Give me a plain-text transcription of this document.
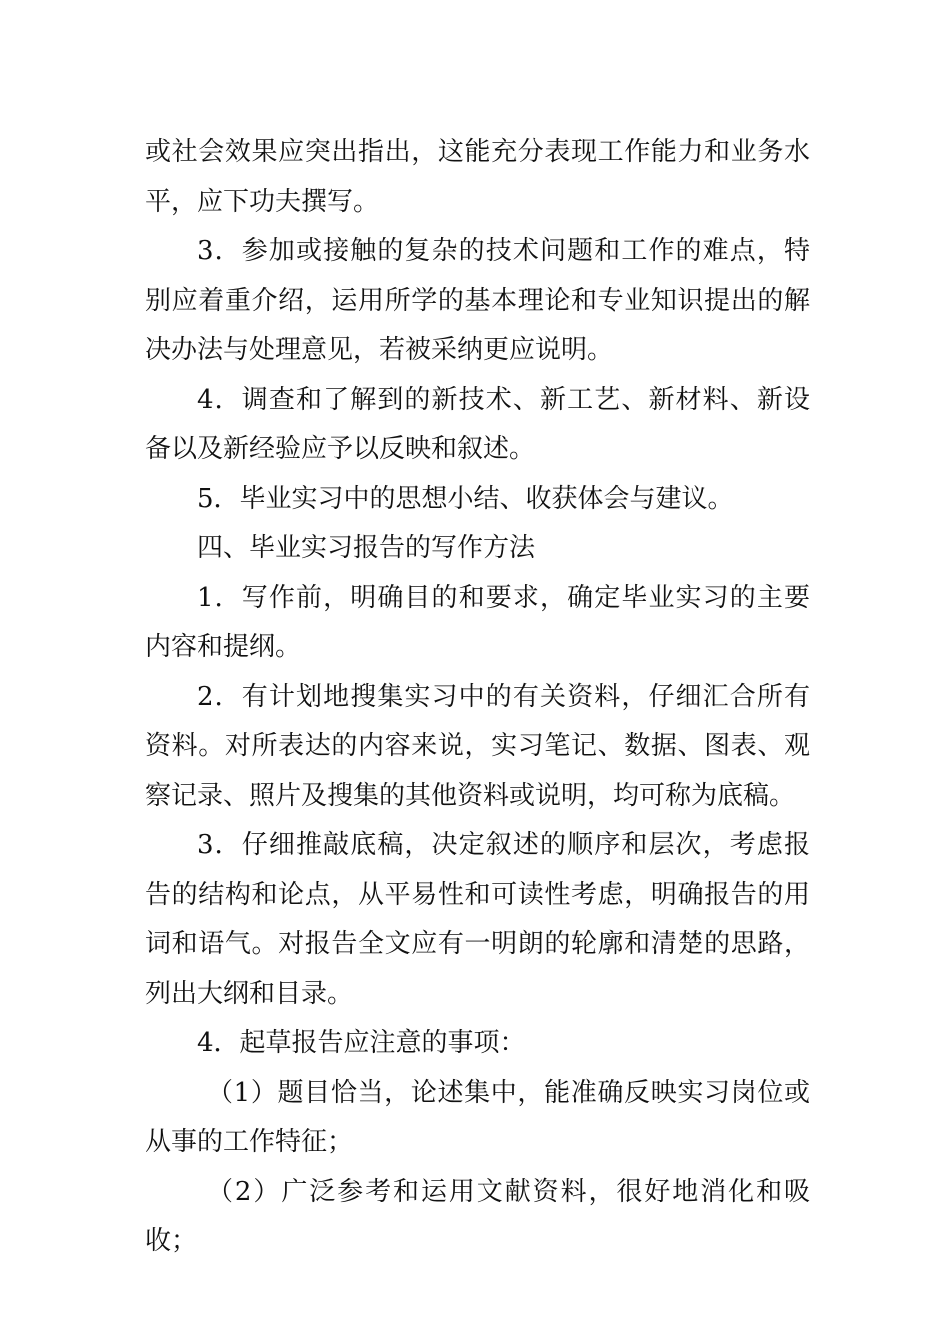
或社会效果应突出指出，这能充分表现工作能力和业务水平，应下功夫撰写。

3．参加或接触的复杂的技术问题和工作的难点，特别应着重介绍，运用所学的基本理论和专业知识提出的解决办法与处理意见，若被采纳更应说明。

4．调查和了解到的新技术、新工艺、新材料、新设备以及新经验应予以反映和叙述。

5．毕业实习中的思想小结、收获体会与建议。

四、毕业实习报告的写作方法

1．写作前，明确目的和要求，确定毕业实习的主要内容和提纲。

2．有计划地搜集实习中的有关资料，仔细汇合所有资料。对所表达的内容来说，实习笔记、数据、图表、观察记录、照片及搜集的其他资料或说明，均可称为底稿。

3．仔细推敲底稿，决定叙述的顺序和层次，考虑报告的结构和论点，从平易性和可读性考虑，明确报告的用词和语气。对报告全文应有一明朗的轮廓和清楚的思路，列出大纲和目录。

4．起草报告应注意的事项：

（1）题目恰当，论述集中，能准确反映实习岗位或从事的工作特征；

（2）广泛参考和运用文献资料，很好地消化和吸收；
